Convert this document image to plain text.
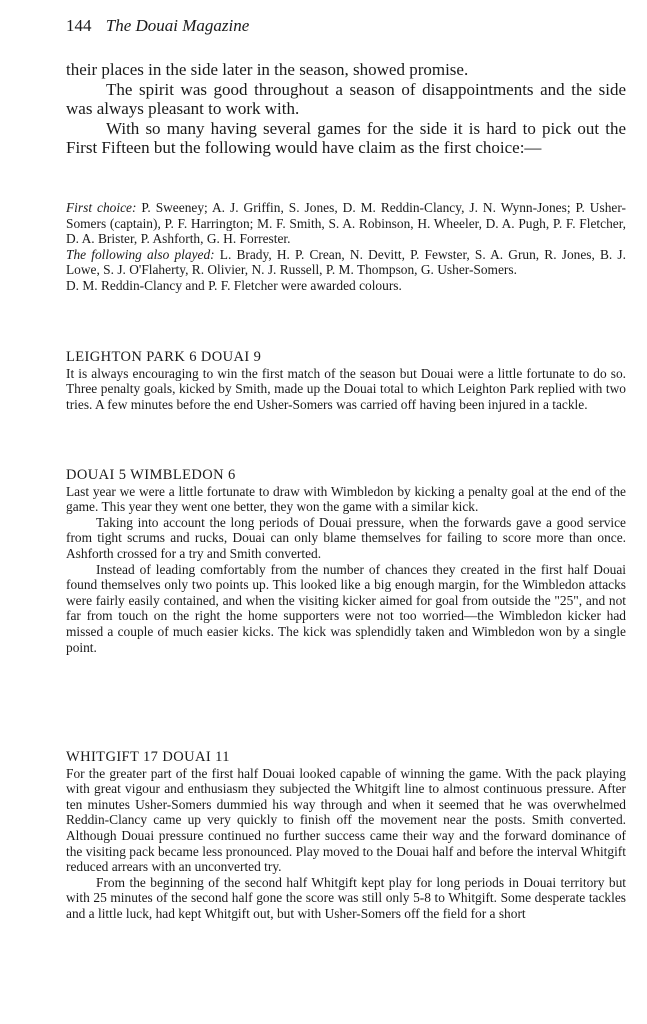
144 The Douai Magazine

their places in the side later in the season, showed promise.

The spirit was good throughout a season of disappointments and the side was always pleasant to work with.

With so many having several games for the side it is hard to pick out the First Fifteen but the following would have claim as the first choice:—

First choice: P. Sweeney; A. J. Griffin, S. Jones, D. M. Reddin-Clancy, J. N. Wynn-Jones; P. Usher-Somers (captain), P. F. Harrington; M. F. Smith, S. A. Robinson, H. Wheeler, D. A. Pugh, P. F. Fletcher, D. A. Brister, P. Ashforth, G. H. Forrester.

The following also played: L. Brady, H. P. Crean, N. Devitt, P. Fewster, S. A. Grun, R. Jones, B. J. Lowe, S. J. O'Flaherty, R. Olivier, N. J. Russell, P. M. Thompson, G. Usher-Somers.

D. M. Reddin-Clancy and P. F. Fletcher were awarded colours.

LEIGHTON PARK 6 DOUAI 9

It is always encouraging to win the first match of the season but Douai were a little fortunate to do so. Three penalty goals, kicked by Smith, made up the Douai total to which Leighton Park replied with two tries. A few minutes before the end Usher-Somers was carried off having been injured in a tackle.

DOUAI 5 WIMBLEDON 6

Last year we were a little fortunate to draw with Wimbledon by kicking a penalty goal at the end of the game. This year they went one better, they won the game with a similar kick.

Taking into account the long periods of Douai pressure, when the forwards gave a good service from tight scrums and rucks, Douai can only blame themselves for failing to score more than once. Ashforth crossed for a try and Smith converted.

Instead of leading comfortably from the number of chances they created in the first half Douai found themselves only two points up. This looked like a big enough margin, for the Wimbledon attacks were fairly easily contained, and when the visiting kicker aimed for goal from outside the "25", and not far from touch on the right the home supporters were not too worried—the Wimbledon kicker had missed a couple of much easier kicks. The kick was splendidly taken and Wimbledon won by a single point.

WHITGIFT 17 DOUAI 11

For the greater part of the first half Douai looked capable of winning the game. With the pack playing with great vigour and enthusiasm they subjected the Whitgift line to almost continuous pressure. After ten minutes Usher-Somers dummied his way through and when it seemed that he was overwhelmed Reddin-Clancy came up very quickly to finish off the movement near the posts. Smith converted. Although Douai pressure continued no further success came their way and the forward dominance of the visiting pack became less pronounced. Play moved to the Douai half and before the interval Whitgift reduced arrears with an unconverted try.

From the beginning of the second half Whitgift kept play for long periods in Douai territory but with 25 minutes of the second half gone the score was still only 5-8 to Whitgift. Some desperate tackles and a little luck, had kept Whitgift out, but with Usher-Somers off the field for a short
